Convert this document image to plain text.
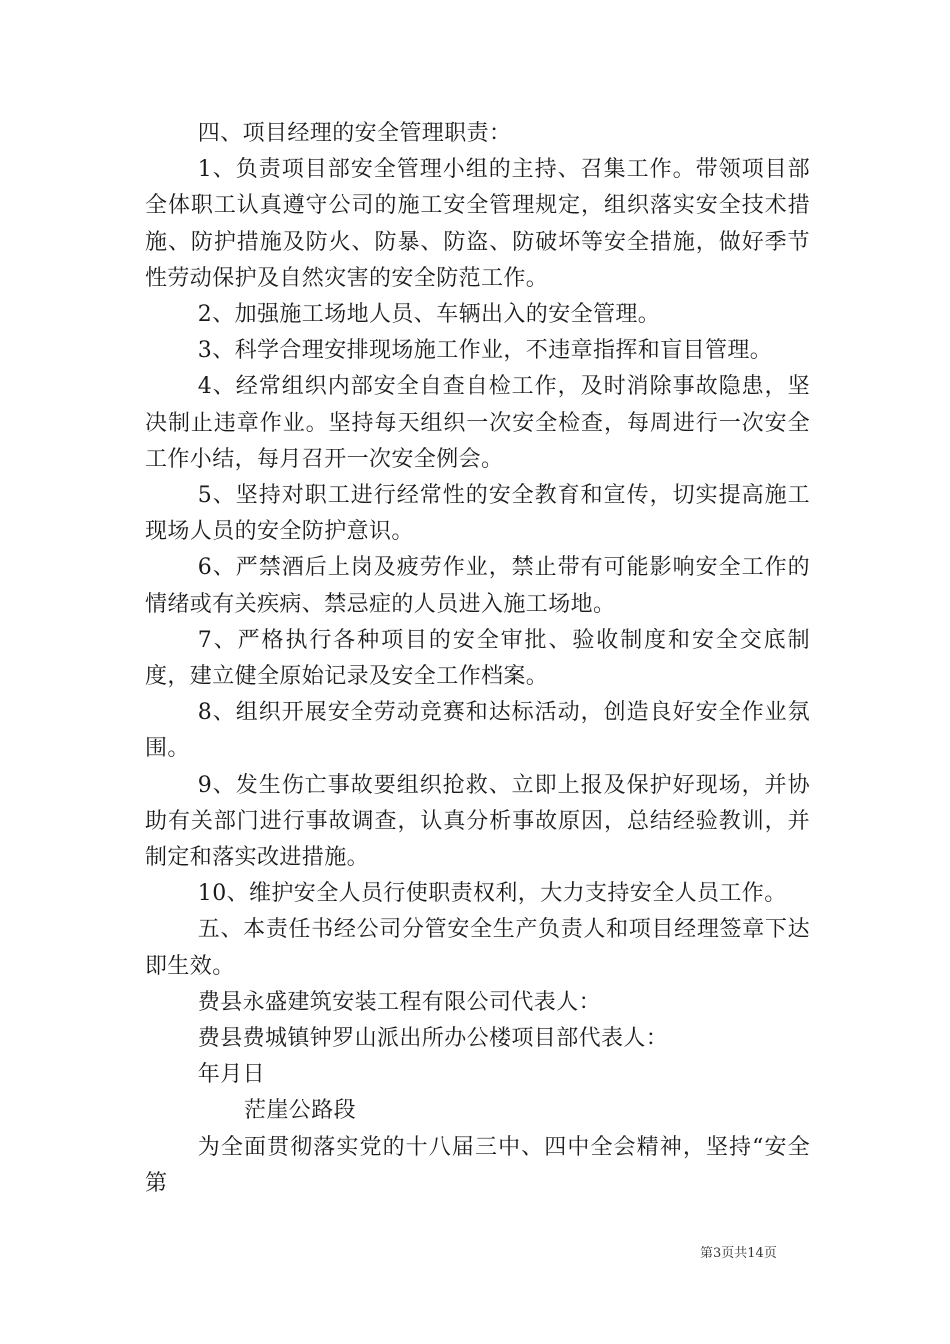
四、项目经理的安全管理职责：

1、负责项目部安全管理小组的主持、召集工作。带领项目部全体职工认真遵守公司的施工安全管理规定，组织落实安全技术措施、防护措施及防火、防暴、防盗、防破坏等安全措施，做好季节性劳动保护及自然灾害的安全防范工作。

2、加强施工场地人员、车辆出入的安全管理。

3、科学合理安排现场施工作业，不违章指挥和盲目管理。

4、经常组织内部安全自查自检工作，及时消除事故隐患，坚决制止违章作业。坚持每天组织一次安全检查，每周进行一次安全工作小结，每月召开一次安全例会。

5、坚持对职工进行经常性的安全教育和宣传，切实提高施工现场人员的安全防护意识。

6、严禁酒后上岗及疲劳作业，禁止带有可能影响安全工作的情绪或有关疾病、禁忌症的人员进入施工场地。

7、严格执行各种项目的安全审批、验收制度和安全交底制度，建立健全原始记录及安全工作档案。

8、组织开展安全劳动竞赛和达标活动，创造良好安全作业氛围。

9、发生伤亡事故要组织抢救、立即上报及保护好现场，并协助有关部门进行事故调查，认真分析事故原因，总结经验教训，并制定和落实改进措施。

10、维护安全人员行使职责权利，大力支持安全人员工作。

五、本责任书经公司分管安全生产负责人和项目经理签章下达即生效。

费县永盛建筑安装工程有限公司代表人：

费县费城镇钟罗山派出所办公楼项目部代表人：

年月日

茫崖公路段

为全面贯彻落实党的十八届三中、四中全会精神，坚持“安全第

第3页共14页
